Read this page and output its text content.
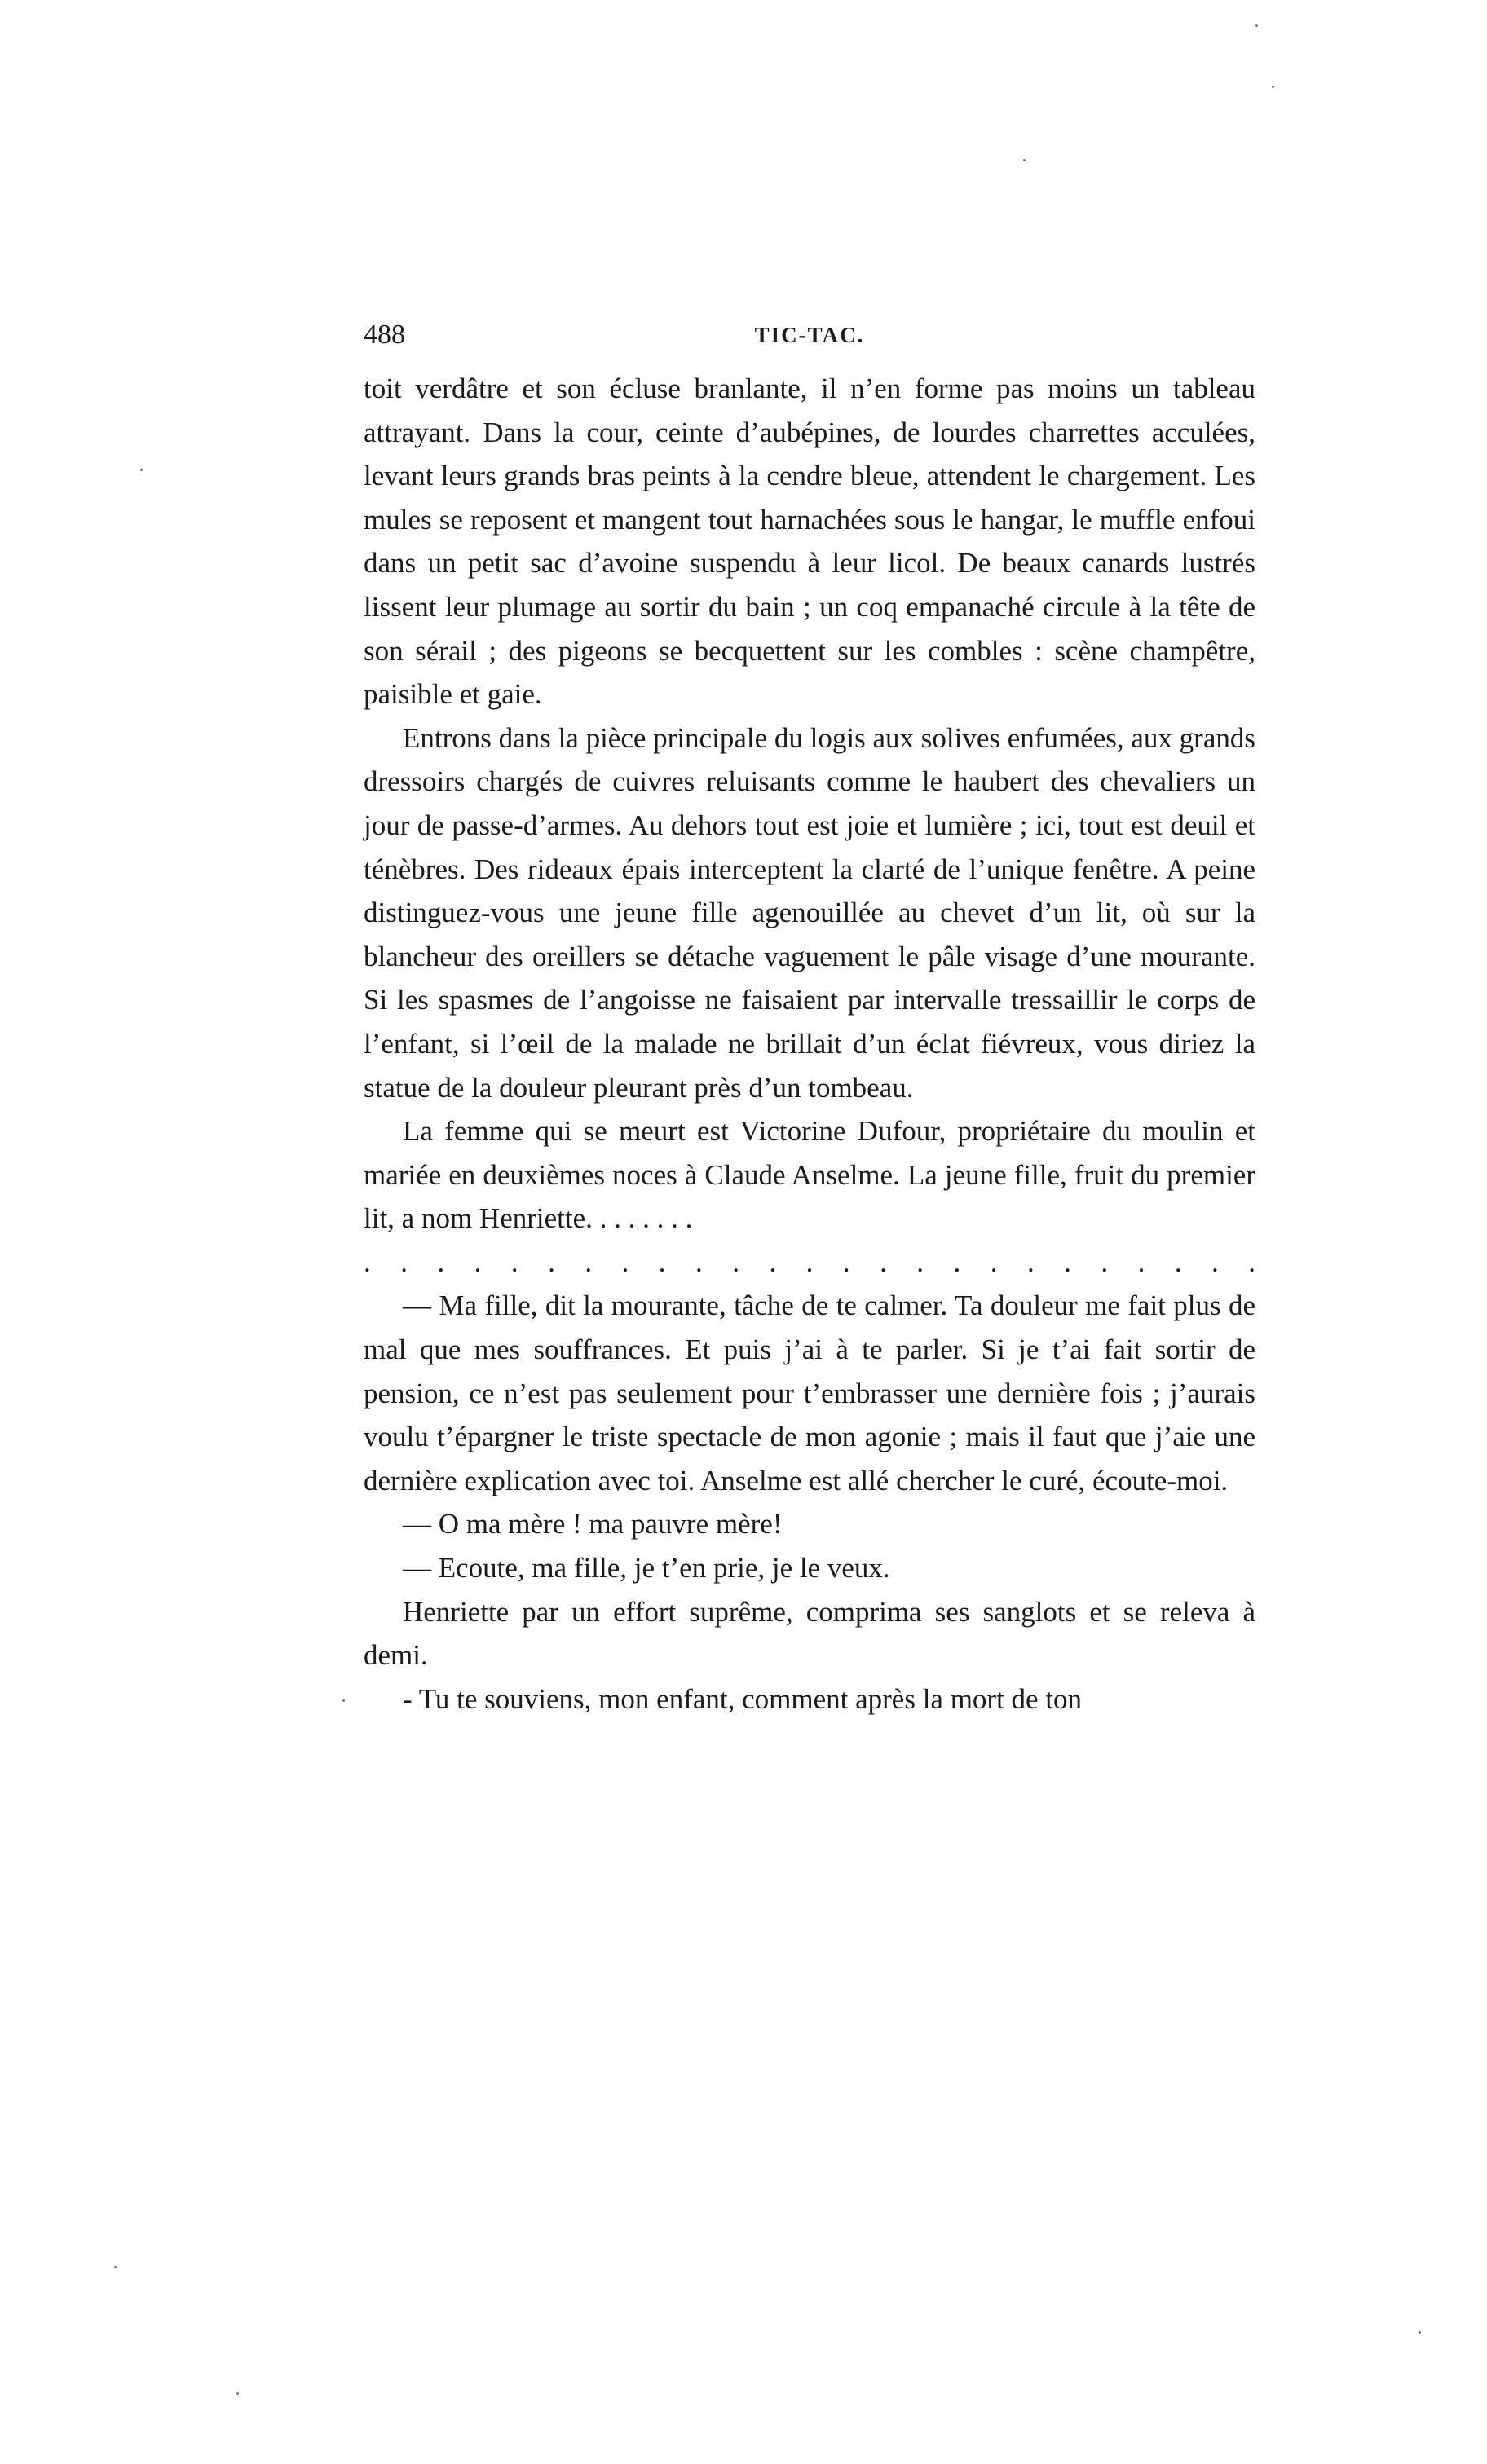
488	TIC-TAC.

toit verdâtre et son écluse branlante, il n’en forme pas moins un tableau attrayant. Dans la cour, ceinte d’aubépines, de lourdes charrettes acculées, levant leurs grands bras peints à la cendre bleue, attendent le chargement. Les mules se reposent et mangent tout harnachées sous le hangar, le muffle enfoui dans un petit sac d’avoine suspendu à leur licol. De beaux canards lustrés lissent leur plumage au sortir du bain ; un coq empanaché circule à la tête de son sérail ; des pigeons se becquettent sur les combles : scène champêtre, paisible et gaie.

Entrons dans la pièce principale du logis aux solives enfumées, aux grands dressoirs chargés de cuivres reluisants comme le haubert des chevaliers un jour de passe-d’armes. Au dehors tout est joie et lumière ; ici, tout est deuil et ténèbres. Des rideaux épais interceptent la clarté de l’unique fenêtre. A peine distinguez-vous une jeune fille agenouillée au chevet d’un lit, où sur la blancheur des oreillers se détache vaguement le pâle visage d’une mourante. Si les spasmes de l’angoisse ne faisaient par intervalle tressaillir le corps de l’enfant, si l’œil de la malade ne brillait d’un éclat fiévreux, vous diriez la statue de la douleur pleurant près d’un tombeau.

La femme qui se meurt est Victorine Dufour, propriétaire du moulin et mariée en deuxièmes noces à Claude Anselme. La jeune fille, fruit du premier lit, a nom Henriette. . . . . . . .

. . . . . . . . . . . . . . . . . . . . . . . . .

— Ma fille, dit la mourante, tâche de te calmer. Ta douleur me fait plus de mal que mes souffrances. Et puis j’ai à te parler. Si je t’ai fait sortir de pension, ce n’est pas seulement pour t’embrasser une dernière fois ; j’aurais voulu t’épargner le triste spectacle de mon agonie ; mais il faut que j’aie une dernière explication avec toi. Anselme est allé chercher le curé, écoute-moi.

— O ma mère ! ma pauvre mère!

— Ecoute, ma fille, je t’en prie, je le veux.

Henriette par un effort suprême, comprima ses sanglots et se releva à demi.

- Tu te souviens, mon enfant, comment après la mort de ton
